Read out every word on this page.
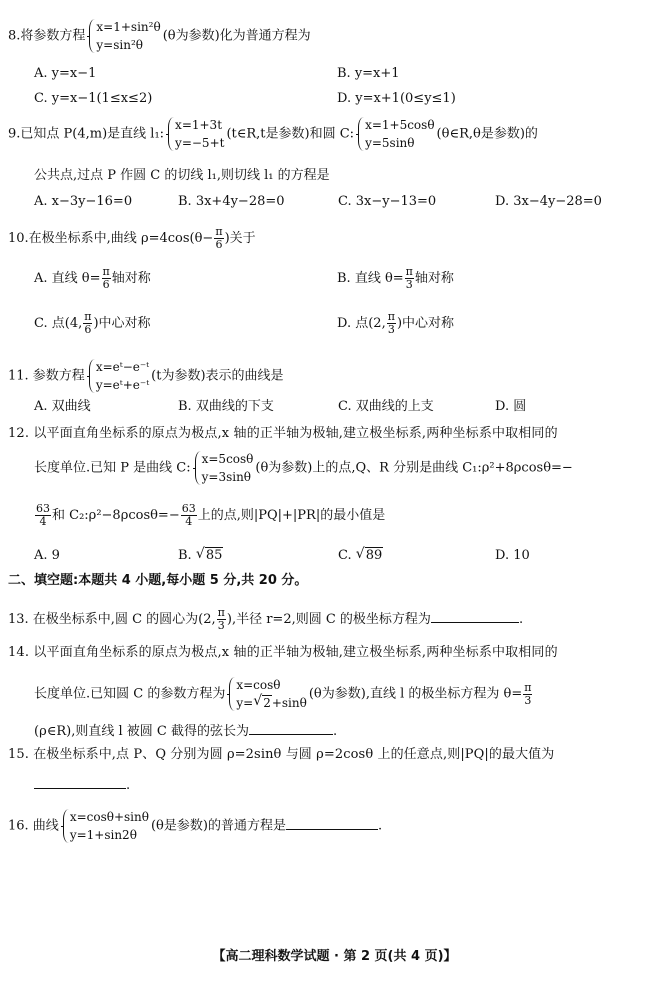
8.将参数方程
x=1+sin²θ
y=sin²θ
(θ为参数)化为普通方程为
A. y=x−1	B. y=x+1
C. y=x−1(1≤x≤2)	D. y=x+1(0≤y≤1)
9.已知点 P(4,m)是直线 l₁:
x=1+3t
y=−5+t
(t∈R,t是参数)和圆 C:
x=1+5cosθ
y=5sinθ
(θ∈R,θ是参数)的
公共点,过点 P 作圆 C 的切线 l₁,则切线 l₁ 的方程是
A. x−3y−16=0	B. 3x+4y−28=0	C. 3x−y−13=0	D. 3x−4y−28=0
10.在极坐标系中,曲线 $\rho=4\cos(\theta- \frac{\pi}{6}$ )关于
A. 直线 $\theta= \frac{\pi}{6}$ 轴对称	B. 直线 $\theta= \frac{\pi}{3}$ 轴对称
C. 点(4, $\frac{\pi}{6}$ )中心对称	D. 点(2, $\frac{\pi}{3}$ )中心对称
11. 参数方程
x=eᵗ−e⁻ᵗ
y=eᵗ+e⁻ᵗ
(t为参数)表示的曲线是
A. 双曲线	B. 双曲线的下支	C. 双曲线的上支	D. 圆
12. 以平面直角坐标系的原点为极点,x 轴的正半轴为极轴,建立极坐标系,两种坐标系中取相同的
长度单位.已知 P 是曲线 C:
x=5cosθ
y=3sinθ
(θ为参数)上的点,Q、R 分别是曲线 C₁:ρ²+8ρcosθ=−
$\frac{63}{4}$ 和 C₂:ρ²−8ρcosθ=− $\frac{63}{4}$ 上的点,则|PQ|+|PR|的最小值是
A. 9	B. √ 85	C. √ 89	D. 10
二、填空题:本题共 4 小题,每小题 5 分,共 20 分。
13. 在极坐标系中,圆 C 的圆心为(2, $\frac{\pi}{3}$ ),半径 r=2,则圆 C 的极坐标方程为	.
14. 以平面直角坐标系的原点为极点,x 轴的正半轴为极轴,建立极坐标系,两种坐标系中取相同的
长度单位.已知圆 C 的参数方程为
x=cosθ
y= √ 2+sinθ
(θ为参数),直线 l 的极坐标方程为 $\theta= \frac{\pi}{3}$
(ρ∈R),则直线 l 被圆 C 截得的弦长为	.
15. 在极坐标系中,点 P、Q 分别为圆 ρ=2sinθ 与圆 ρ=2cosθ 上的任意点,则|PQ|的最大值为
.
16. 曲线
x=cosθ+sinθ
y=1+sin2θ
(θ是参数)的普通方程是	.
【高二理科数学试题 · 第 2 页(共 4 页)】
